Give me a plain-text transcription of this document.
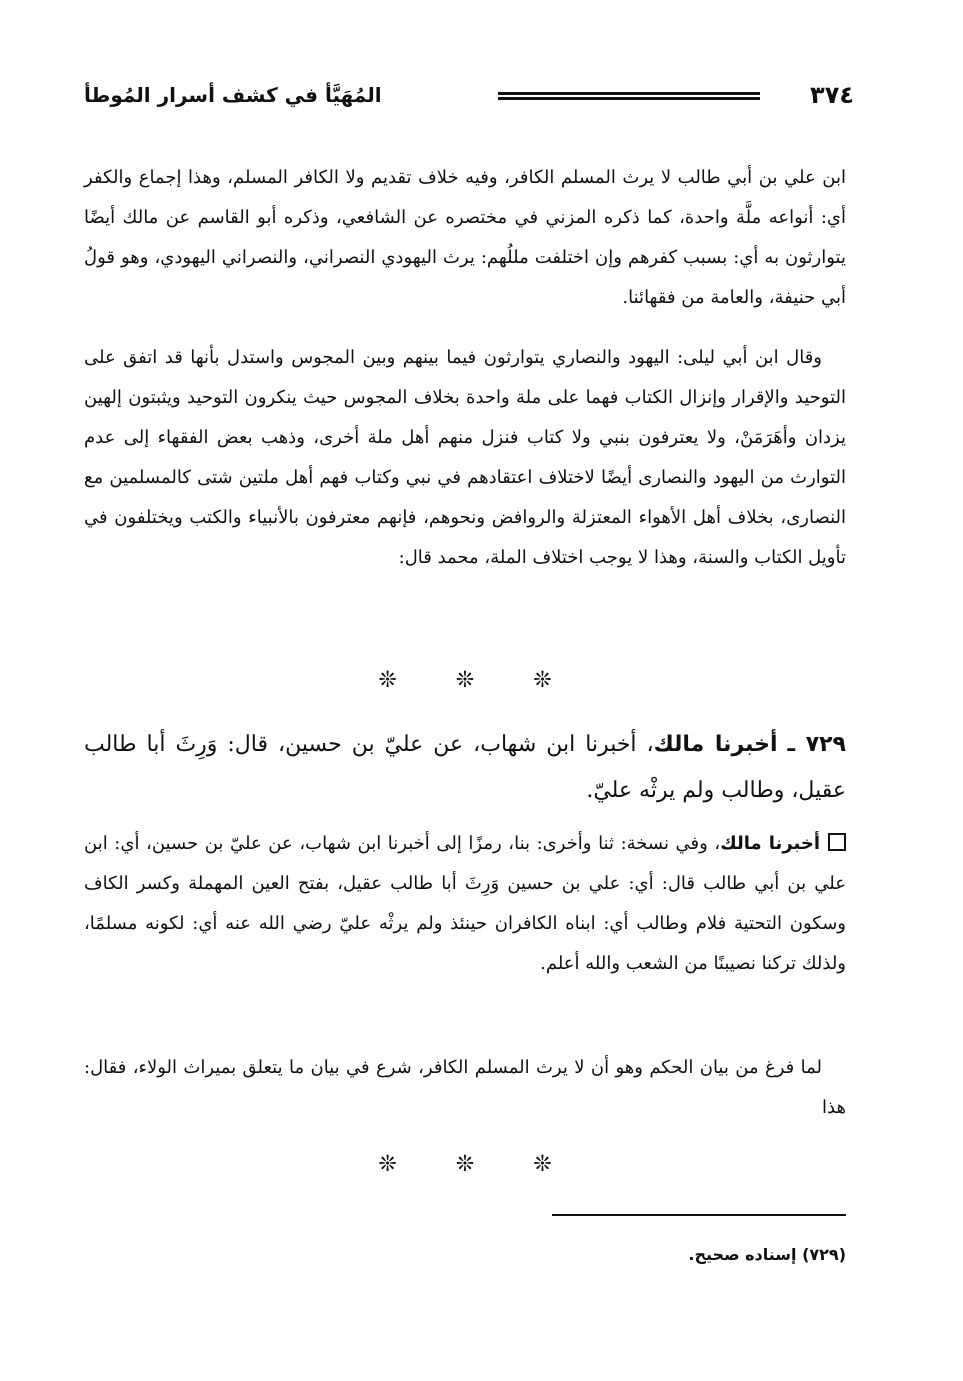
٣٧٤
المُهَيَّأ في كشف أسرار المُوطأ

ابن علي بن أبي طالب لا يرث المسلم الكافر، وفيه خلاف تقديم ولا الكافر المسلم، وهذا إجماع والكفر أي: أنواعه ملَّة واحدة، كما ذكره المزني في مختصره عن الشافعي، وذكره أبو القاسم عن مالك أيضًا يتوارثون به أي: بسبب كفرهم وإن اختلفت مللُهم: يرث اليهودي النصراني، والنصراني اليهودي، وهو قولُ أبي حنيفة، والعامة من فقهائنا.

وقال ابن أبي ليلى: اليهود والنصاري يتوارثون فيما بينهم وبين المجوس واستدل بأنها قد اتفق على التوحيد والإقرار وإنزال الكتاب فهما على ملة واحدة بخلاف المجوس حيث ينكرون التوحيد ويثبتون إلهين يزدان وأهَرَمَنْ، ولا يعترفون بنبي ولا كتاب فنزل منهم أهل ملة أخرى، وذهب بعض الفقهاء إلى عدم التوارث من اليهود والنصارى أيضًا لاختلاف اعتقادهم في نبي وكتاب فهم أهل ملتين شتى كالمسلمين مع النصارى، بخلاف أهل الأهواء المعتزلة والروافض ونحوهم، فإنهم معترفون بالأنبياء والكتب ويختلفون في تأويل الكتاب والسنة، وهذا لا يوجب اختلاف الملة، محمد قال:

❊ ❊ ❊

٧٢٩ ـ أخبرنا مالك، أخبرنا ابن شهاب، عن عليّ بن حسين، قال: وَرِثَ أبا طالب عقيل، وطالب ولم يرثْه عليّ.

أخبرنا مالك، وفي نسخة: ثنا وأخرى: بنا، رمزًا إلى أخبرنا ابن شهاب، عن عليّ بن حسين، أي: ابن علي بن أبي طالب قال: أي: علي بن حسين وَرِثَ أبا طالب عقيل، بفتح العين المهملة وكسر الكاف وسكون التحتية فلام وطالب أي: ابناه الكافران حينئذ ولم يرثْه عليّ رضي الله عنه أي: لكونه مسلمًا، ولذلك تركنا نصيبنًا من الشعب والله أعلم.

لما فرغ من بيان الحكم وهو أن لا يرث المسلم الكافر، شرع في بيان ما يتعلق بميراث الولاء، فقال: هذا

❊ ❊ ❊
(٧٢٩) إسناده صحيح.
